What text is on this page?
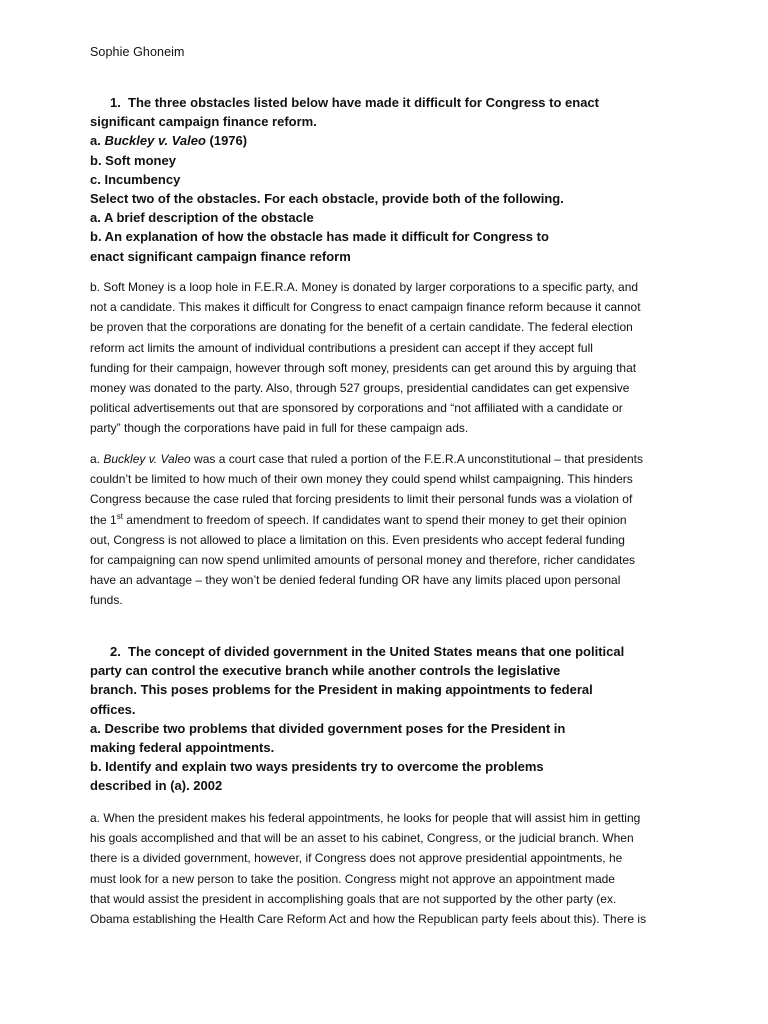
Sophie Ghoneim
1. The three obstacles listed below have made it difficult for Congress to enact
significant campaign finance reform.
a. Buckley v. Valeo (1976)
b. Soft money
c. Incumbency
Select two of the obstacles. For each obstacle, provide both of the following.
a. A brief description of the obstacle
b. An explanation of how the obstacle has made it difficult for Congress to
enact significant campaign finance reform
b. Soft Money is a loop hole in F.E.R.A. Money is donated by larger corporations to a specific party, and
not a candidate. This makes it difficult for Congress to enact campaign finance reform because it cannot
be proven that the corporations are donating for the benefit of a certain candidate. The federal election
reform act limits the amount of individual contributions a president can accept if they accept full
funding for their campaign, however through soft money, presidents can get around this by arguing that
money was donated to the party. Also, through 527 groups, presidential candidates can get expensive
political advertisements out that are sponsored by corporations and “not affiliated with a candidate or
party” though the corporations have paid in full for these campaign ads.
a. Buckley v. Valeo was a court case that ruled a portion of the F.E.R.A unconstitutional – that presidents
couldn’t be limited to how much of their own money they could spend whilst campaigning. This hinders
Congress because the case ruled that forcing presidents to limit their personal funds was a violation of
the 1st amendment to freedom of speech. If candidates want to spend their money to get their opinion
out, Congress is not allowed to place a limitation on this. Even presidents who accept federal funding
for campaigning can now spend unlimited amounts of personal money and therefore, richer candidates
have an advantage – they won’t be denied federal funding OR have any limits placed upon personal
funds.
2. The concept of divided government in the United States means that one political
party can control the executive branch while another controls the legislative
branch. This poses problems for the President in making appointments to federal
offices.
a. Describe two problems that divided government poses for the President in
making federal appointments.
b. Identify and explain two ways presidents try to overcome the problems
described in (a). 2002
a. When the president makes his federal appointments, he looks for people that will assist him in getting
his goals accomplished and that will be an asset to his cabinet, Congress, or the judicial branch. When
there is a divided government, however, if Congress does not approve presidential appointments, he
must look for a new person to take the position. Congress might not approve an appointment made
that would assist the president in accomplishing goals that are not supported by the other party (ex.
Obama establishing the Health Care Reform Act and how the Republican party feels about this). There is
